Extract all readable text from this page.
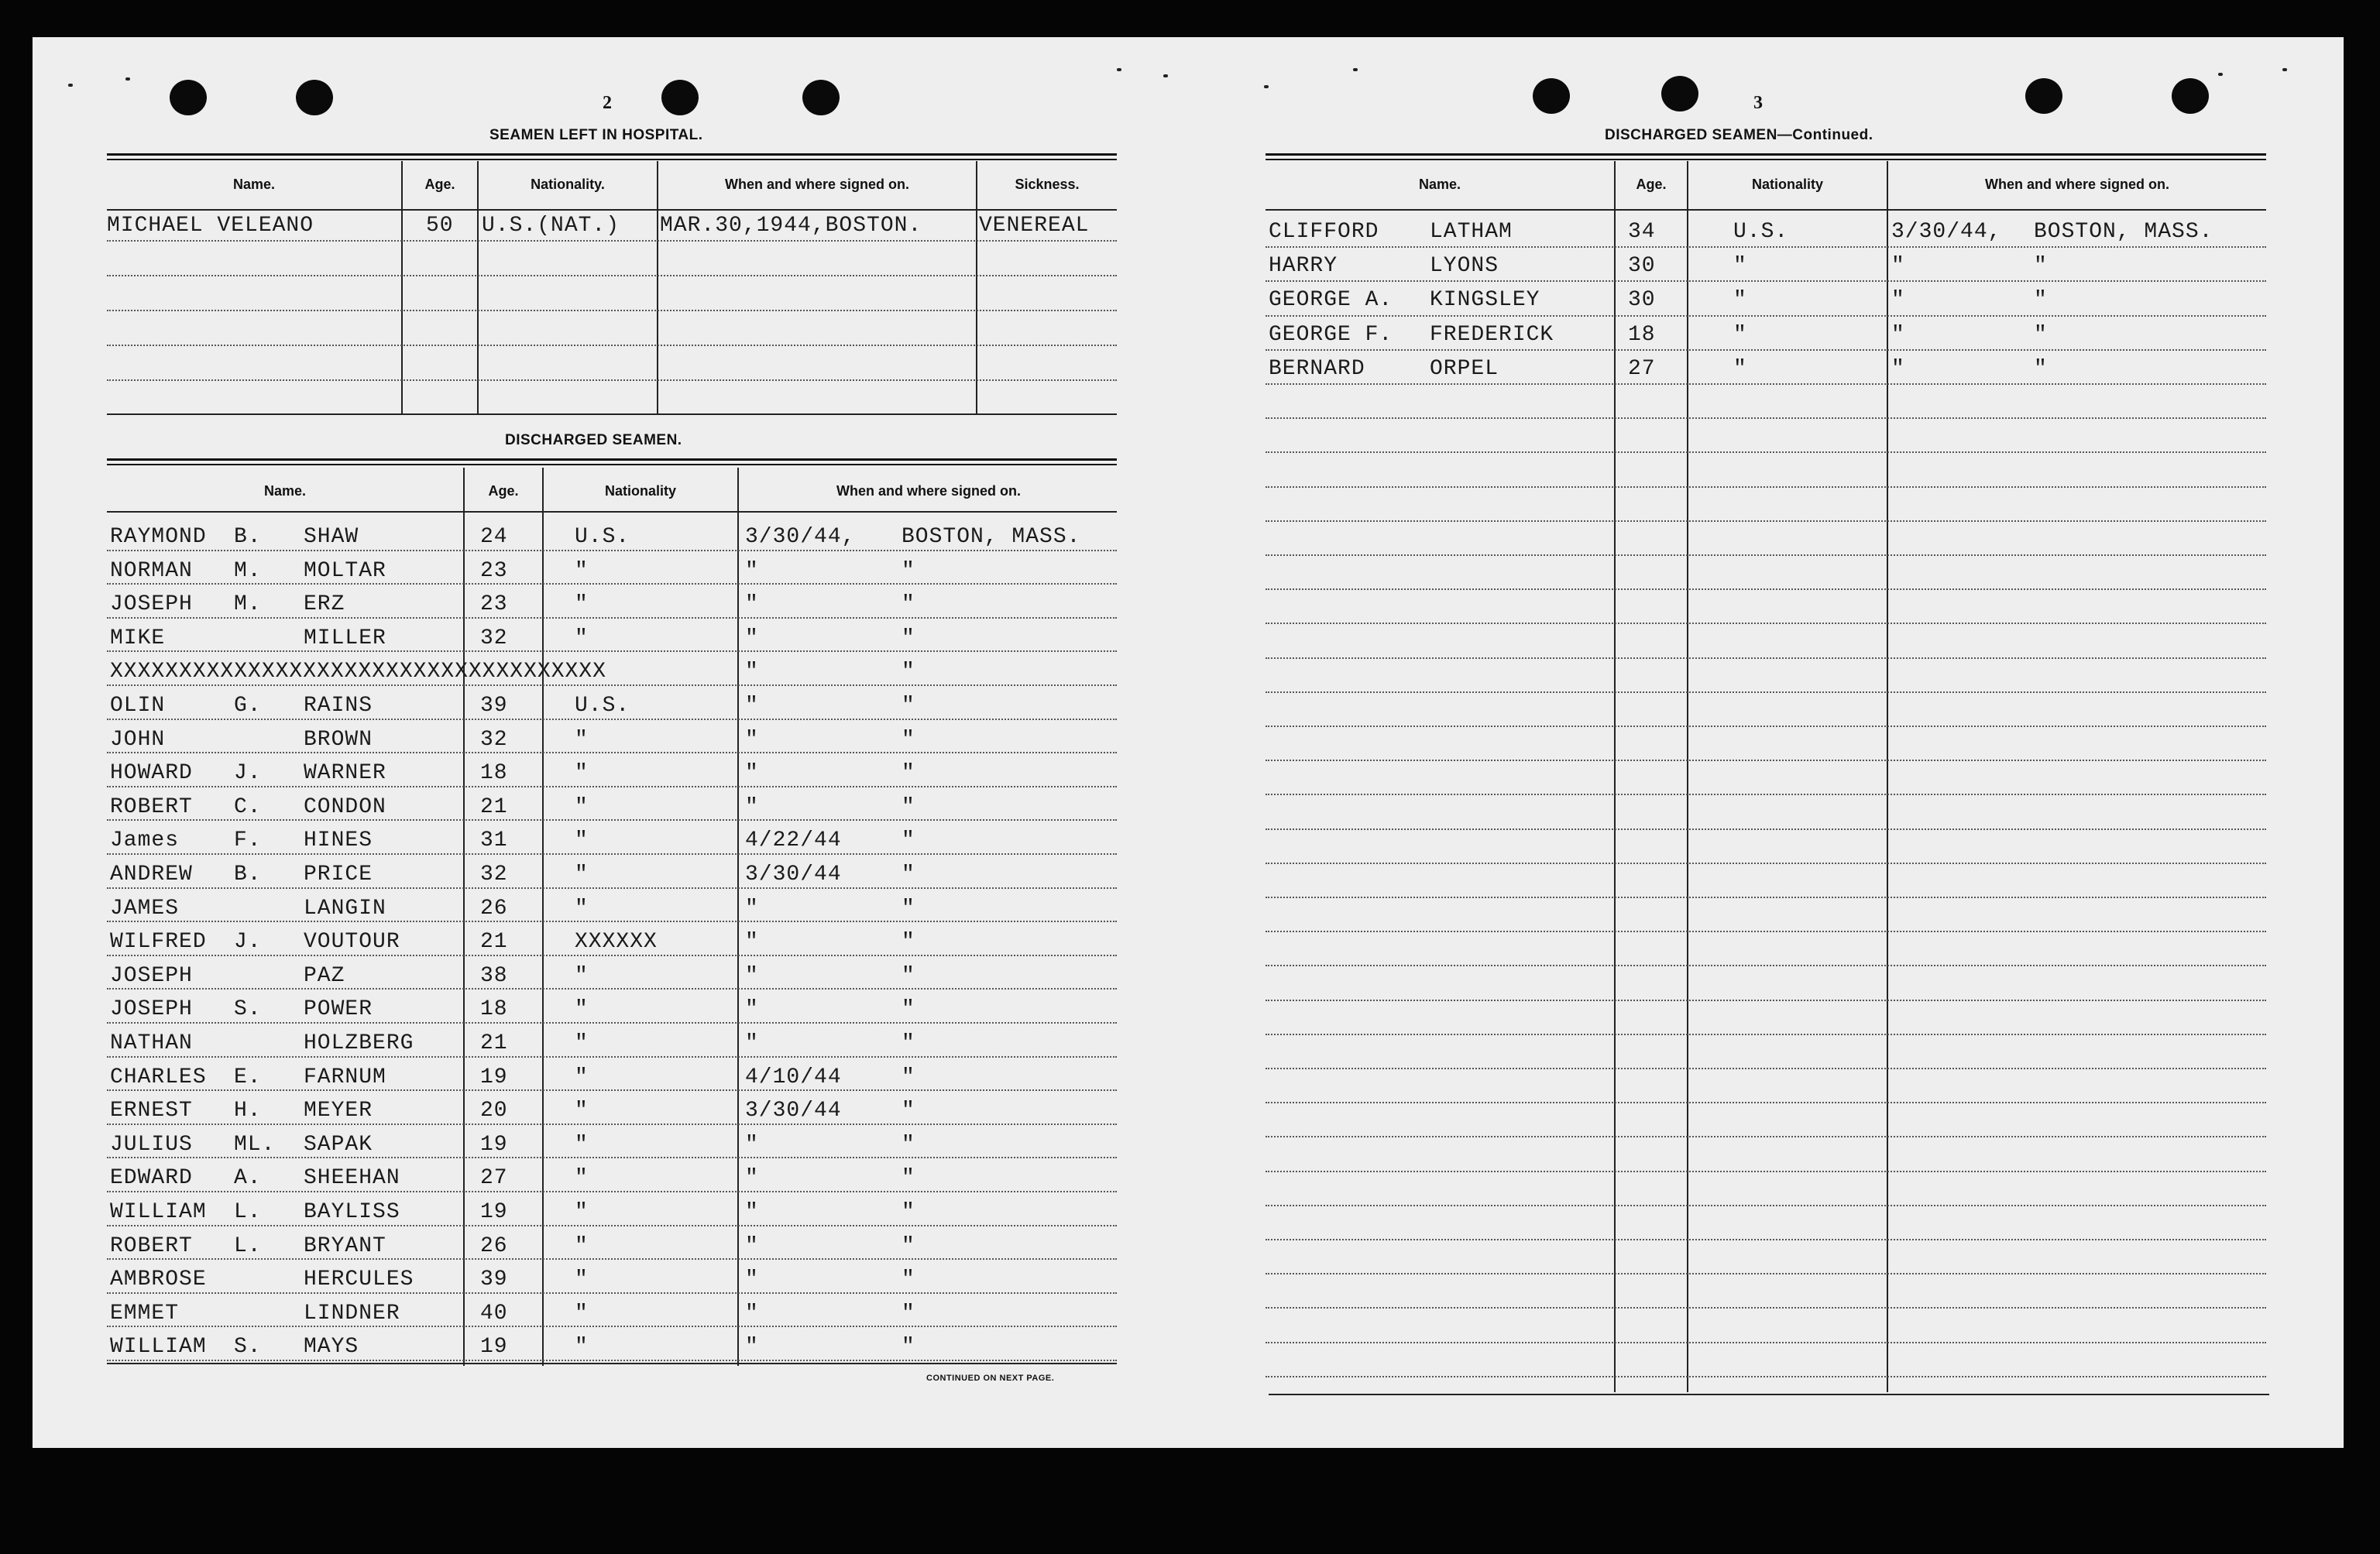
2
SEAMEN LEFT IN HOSPITAL.
Name.	Age.	Nationality.	When and where signed on.	Sickness.
MICHAEL VELEANO	50 U.S.(NAT.) MAR.30,1944,BOSTON.	VENEREAL
DISCHARGED SEAMEN.
Name.	Age.	Nationality	When and where signed on.
RAYMOND B. SHAW	24	U.S.	3/30/44, BOSTON, MASS.
NORMAN M. MOLTAR	23	"	"	"
JOSEPH M. ERZ	23	"	"	"
MIKE	MILLER	32	"	"	"
XXXXXXXXXXXXXXXXXXXXXXXXXXXXXXXXXXXX	"	"
OLIN	G. RAINS	39	U.S.	"	"
JOHN	BROWN	32	"	"	"
HOWARD J. WARNER	18	"	"	"
ROBERT C. CONDON	21	"	"	"
James	F. HINES	31	"	4/22/44	"
ANDREW B. PRICE	32	"	3/30/44	"
JAMES	LANGIN	26	"	"	"
WILFRED J. VOUTOUR	21	XXXXXX	"	"
JOSEPH	PAZ	38	"	"	"
JOSEPH S. POWER	18	"	"	"
NATHAN	HOLZBERG	21	"	"	"
CHARLES E. FARNUM	19	"	4/10/44	"
ERNEST H. MEYER	20	"	3/30/44	"
JULIUS ML. SAPAK	19	"	"	"
EDWARD A. SHEEHAN	27	"	"	"
WILLIAM L. BAYLISS	19	"	"	"
ROBERT L. BRYANT	26	"	"	"
AMBROSE	HERCULES	39	"	"	"
EMMET	LINDNER	40	"	"	"
WILLIAM S. MAYS	19	"	"	"
CONTINUED ON NEXT PAGE.
3
DISCHARGED SEAMEN—Continued.
Name.	Age.	Nationality	When and where signed on.
CLIFFORD LATHAM	34	U.S.	3/30/44, BOSTON, MASS.
HARRY	LYONS	30	"	"	"
GEORGE A. KINGSLEY	30	"	"	"
GEORGE F. FREDERICK	18	"	"	"
BERNARD	ORPEL	27	"	"	"
